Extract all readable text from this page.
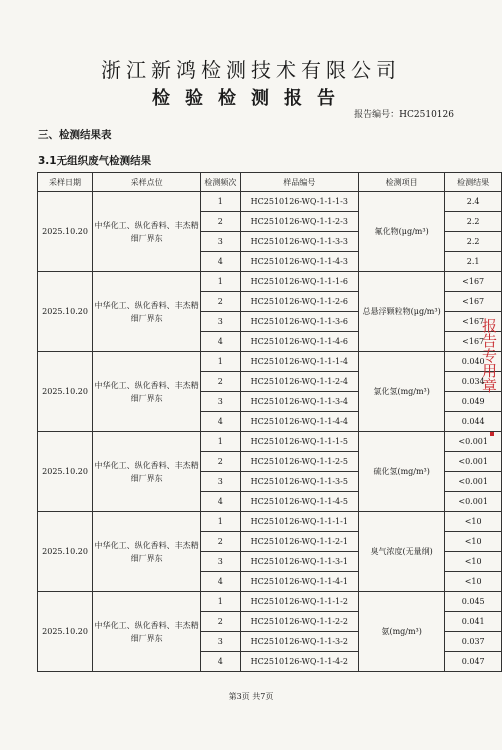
浙江新鸿检测技术有限公司
检验检测报告
报告编号：HC2510126
三、检测结果表
3.1无组织废气检测结果
采样日期	采样点位	检测频次	样品编号	检测项目	检测结果
2025.10.20	中华化工、纵化香料、丰杰精细厂界东	1	HC2510126-WQ-1-1-1-3	氟化物(μg/m³)	2.4
		2	HC2510126-WQ-1-1-2-3		2.2
		3	HC2510126-WQ-1-1-3-3		2.2
		4	HC2510126-WQ-1-1-4-3		2.1
2025.10.20	中华化工、纵化香料、丰杰精细厂界东	1	HC2510126-WQ-1-1-1-6	总悬浮颗粒物(μg/m³)	<167
		2	HC2510126-WQ-1-1-2-6		<167
		3	HC2510126-WQ-1-1-3-6		<167
		4	HC2510126-WQ-1-1-4-6		<167
2025.10.20	中华化工、纵化香料、丰杰精细厂界东	1	HC2510126-WQ-1-1-1-4	氯化氢(mg/m³)	0.040
		2	HC2510126-WQ-1-1-2-4		0.034
		3	HC2510126-WQ-1-1-3-4		0.049
		4	HC2510126-WQ-1-1-4-4		0.044
2025.10.20	中华化工、纵化香料、丰杰精细厂界东	1	HC2510126-WQ-1-1-1-5	硫化氢(mg/m³)	<0.001
		2	HC2510126-WQ-1-1-2-5		<0.001
		3	HC2510126-WQ-1-1-3-5		<0.001
		4	HC2510126-WQ-1-1-4-5		<0.001
2025.10.20	中华化工、纵化香料、丰杰精细厂界东	1	HC2510126-WQ-1-1-1-1	臭气浓度(无量纲)	<10
		2	HC2510126-WQ-1-1-2-1		<10
		3	HC2510126-WQ-1-1-3-1		<10
		4	HC2510126-WQ-1-1-4-1		<10
2025.10.20	中华化工、纵化香料、丰杰精细厂界东	1	HC2510126-WQ-1-1-1-2	氨(mg/m³)	0.045
		2	HC2510126-WQ-1-1-2-2		0.041
		3	HC2510126-WQ-1-1-3-2		0.037
		4	HC2510126-WQ-1-1-4-2		0.047
第3页 共7页
报告专用章
